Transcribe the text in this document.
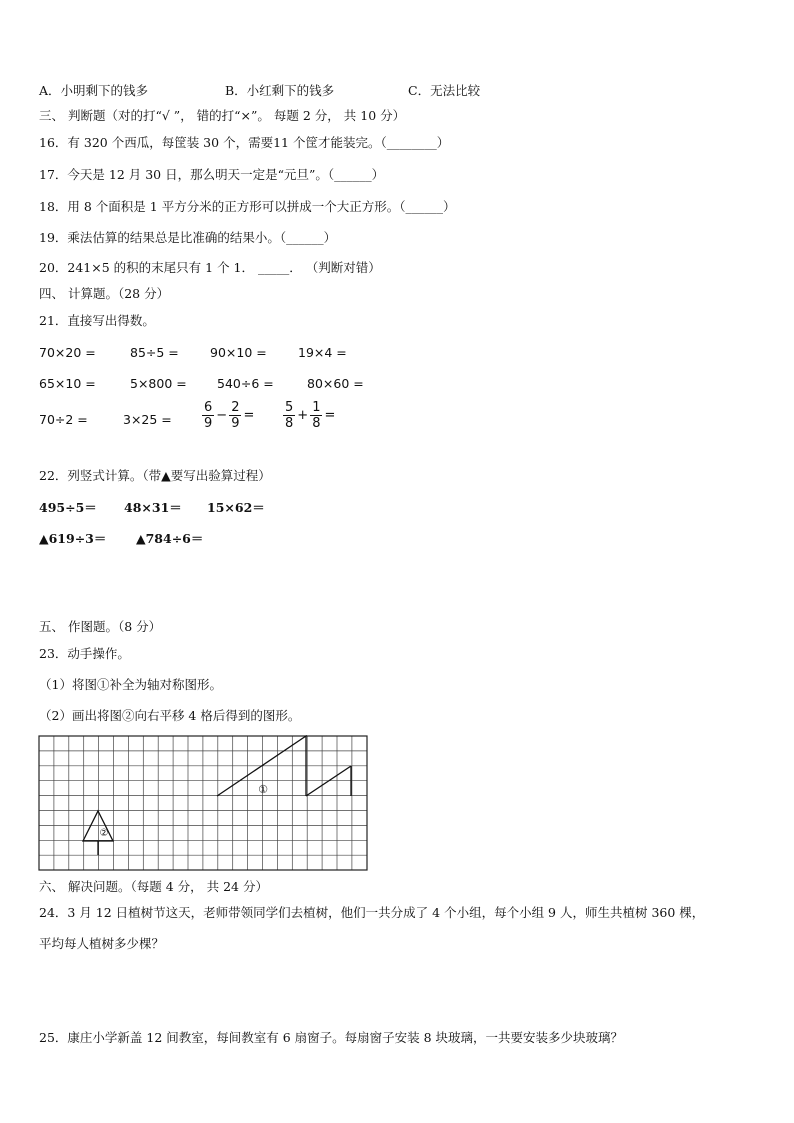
A．小明剩下的钱多	B．小红剩下的钱多	C．无法比较
三、 判断题（对的打“√ ”， 错的打“×”。 每题 2 分， 共 10 分）
16．有 320 个西瓜，每筐装 30 个，需要11 个筐才能装完。（________）
17．今天是 12 月 30 日，那么明天一定是“元旦”。（______）
18．用 8 个面积是 1 平方分米的正方形可以拼成一个大正方形。（______）
19．乘法估算的结果总是比准确的结果小。（______）
20．241×5 的积的末尾只有 1 个 1． _____． （判断对错）
四、 计算题。（28 分）
21．直接写出得数。
70×20 =	85÷5 = 90×10 =	19×4 =
65×10 =	5×800 = 540÷6 =	80×60 =
70÷2 =	$3\times 25 = \frac{6}{9} - \frac{2}{9} = \frac{5}{8} + \frac{1}{8}$ =
22．列竖式计算。（带▲要写出验算过程）
495÷5＝ 48×31＝ 15×62＝
▲619÷3＝ ▲784÷6＝
五、 作图题。（8 分）
23．动手操作。
（1）将图①补全为轴对称图形。
（2）画出将图②向右平移 4 格后得到的图形。
①
②
六、 解决问题。（每题 4 分， 共 24 分）
24．3 月 12 日植树节这天，老师带领同学们去植树，他们一共分成了 4 个小组，每个小组 9 人，师生共植树 360 棵，
平均每人植树多少棵？
25．康庄小学新盖 12 间教室，每间教室有 6 扇窗子。每扇窗子安装 8 块玻璃，一共要安装多少块玻璃？
